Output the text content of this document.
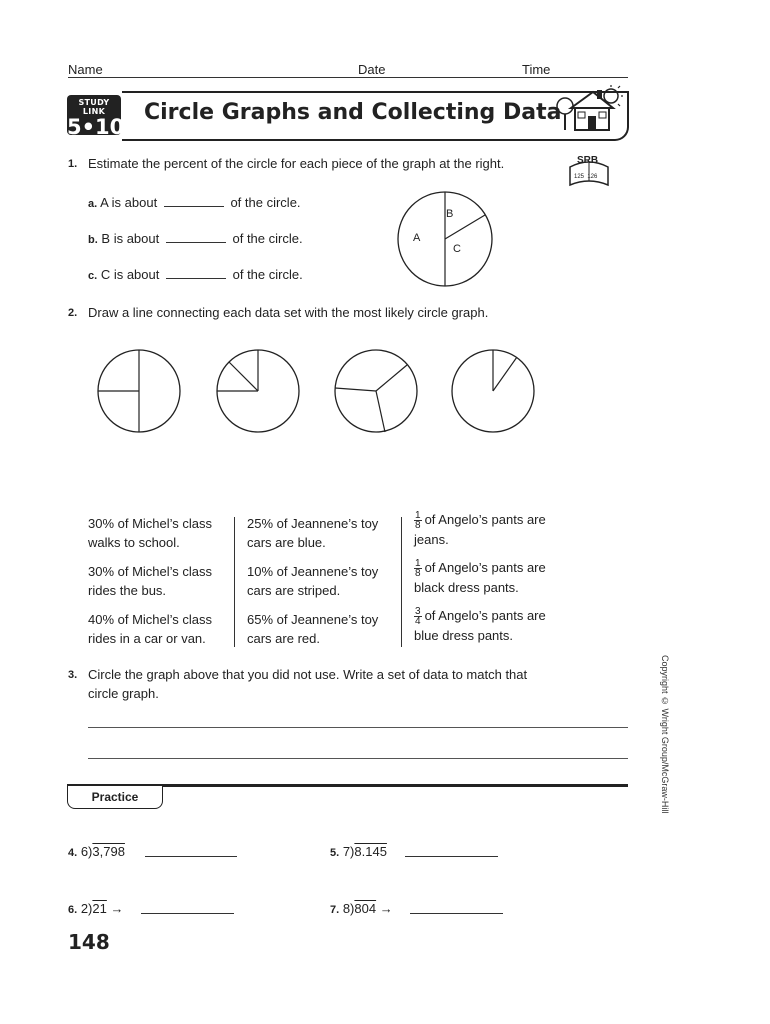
Name	Date	Time
STUDY LINK
5•10
Circle Graphs and Collecting Data
SRB
125  126
1. Estimate the percent of the circle for each piece of the graph at the right.
a. A is about	of the circle.
b. B is about	of the circle.
c. C is about	of the circle.
A
B
C
2. Draw a line connecting each data set with the most likely circle graph.
30% of Michel’s class
walks to school.
30% of Michel’s class
rides the bus.
40% of Michel’s class
rides in a car or van.
25% of Jeannene’s toy
cars are blue.
10% of Jeannene’s toy
cars are striped.
65% of Jeannene’s toy
cars are red.
$\frac{1}{8}$ of Angelo’s pants are
jeans.
$\frac{1}{8}$ of Angelo’s pants are
black dress pants.
$\frac{3}{4}$ of Angelo’s pants are
blue dress pants.
3. Circle the graph above that you did not use. Write a set of data to match that
circle graph.
Practice
4. 6)3,798	5. 7)8.145
6. 2)21 →	7. 8)804 →
Copyright © Wright Group/McGraw-Hill
148
